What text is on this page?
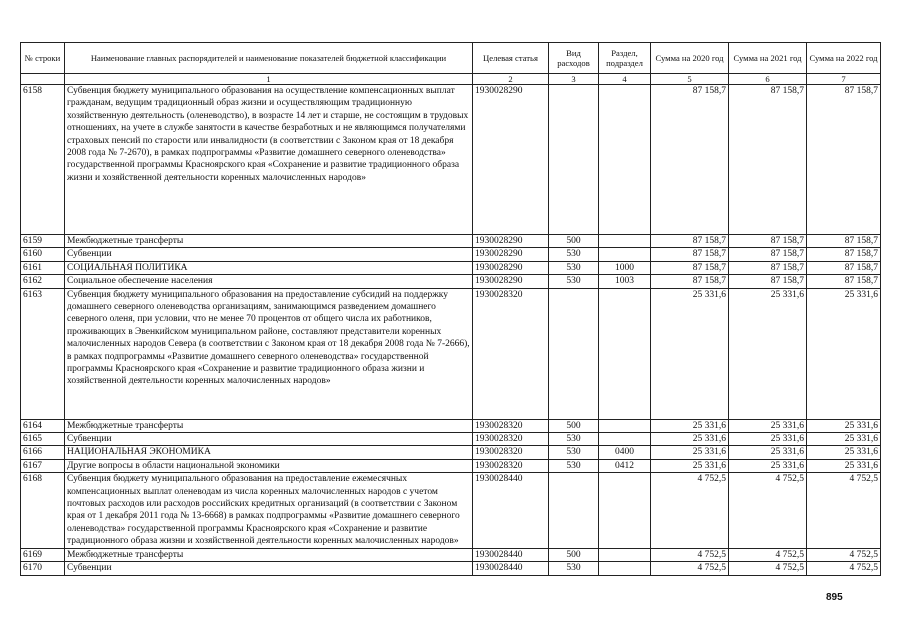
№ строки	Наименование главных распорядителей и наименование показателей бюджетной классификации	Целевая статья	Вид расходов	Раздел, подраздел	Сумма на 2020 год	Сумма на 2021 год	Сумма на 2022 год
	1	2	3	4	5	6	7
6158	Субвенция бюджету муниципального образования на осуществление компенсационных выплат гражданам, ведущим традиционный образ жизни и осуществляющим традиционную хозяйственную деятельность (оленеводство), в возрасте 14 лет и старше, не состоящим в трудовых отношениях, на учете в службе занятости в качестве безработных и не являющимся получателями страховых пенсий по старости или инвалидности (в соответствии с Законом края от 18 декабря 2008 года № 7-2670), в рамках подпрограммы «Развитие домашнего северного оленеводства» государственной программы Красноярского края «Сохранение и развитие традиционного образа жизни и хозяйственной деятельности коренных малочисленных народов»	1930028290			87 158,7	87 158,7	87 158,7
6159	Межбюджетные трансферты	1930028290	500		87 158,7	87 158,7	87 158,7
6160	Субвенции	1930028290	530		87 158,7	87 158,7	87 158,7
6161	СОЦИАЛЬНАЯ ПОЛИТИКА	1930028290	530	1000	87 158,7	87 158,7	87 158,7
6162	Социальное обеспечение населения	1930028290	530	1003	87 158,7	87 158,7	87 158,7
6163	Субвенция бюджету муниципального образования на предоставление субсидий на поддержку домашнего северного оленеводства организациям, занимающимся разведением домашнего северного оленя, при условии, что не менее 70 процентов от общего числа их работников, проживающих в Эвенкийском муниципальном районе, составляют представители коренных малочисленных народов Севера (в соответствии с Законом края от 18 декабря 2008 года № 7-2666), в рамках подпрограммы «Развитие домашнего северного оленеводства» государственной программы Красноярского края «Сохранение и развитие традиционного образа жизни и хозяйственной деятельности коренных малочисленных народов»	1930028320			25 331,6	25 331,6	25 331,6
6164	Межбюджетные трансферты	1930028320	500		25 331,6	25 331,6	25 331,6
6165	Субвенции	1930028320	530		25 331,6	25 331,6	25 331,6
6166	НАЦИОНАЛЬНАЯ ЭКОНОМИКА	1930028320	530	0400	25 331,6	25 331,6	25 331,6
6167	Другие вопросы в области национальной экономики	1930028320	530	0412	25 331,6	25 331,6	25 331,6
6168	Субвенция бюджету муниципального образования на предоставление ежемесячных компенсационных выплат оленеводам из числа коренных малочисленных народов с учетом почтовых расходов или расходов российских кредитных организаций (в соответствии с Законом края от 1 декабря 2011 года № 13-6668) в рамках подпрограммы «Развитие домашнего северного оленеводства» государственной программы Красноярского края «Сохранение и развитие традиционного образа жизни и хозяйственной деятельности коренных малочисленных народов»	1930028440			4 752,5	4 752,5	4 752,5
6169	Межбюджетные трансферты	1930028440	500		4 752,5	4 752,5	4 752,5
6170	Субвенции	1930028440	530		4 752,5	4 752,5	4 752,5
895
